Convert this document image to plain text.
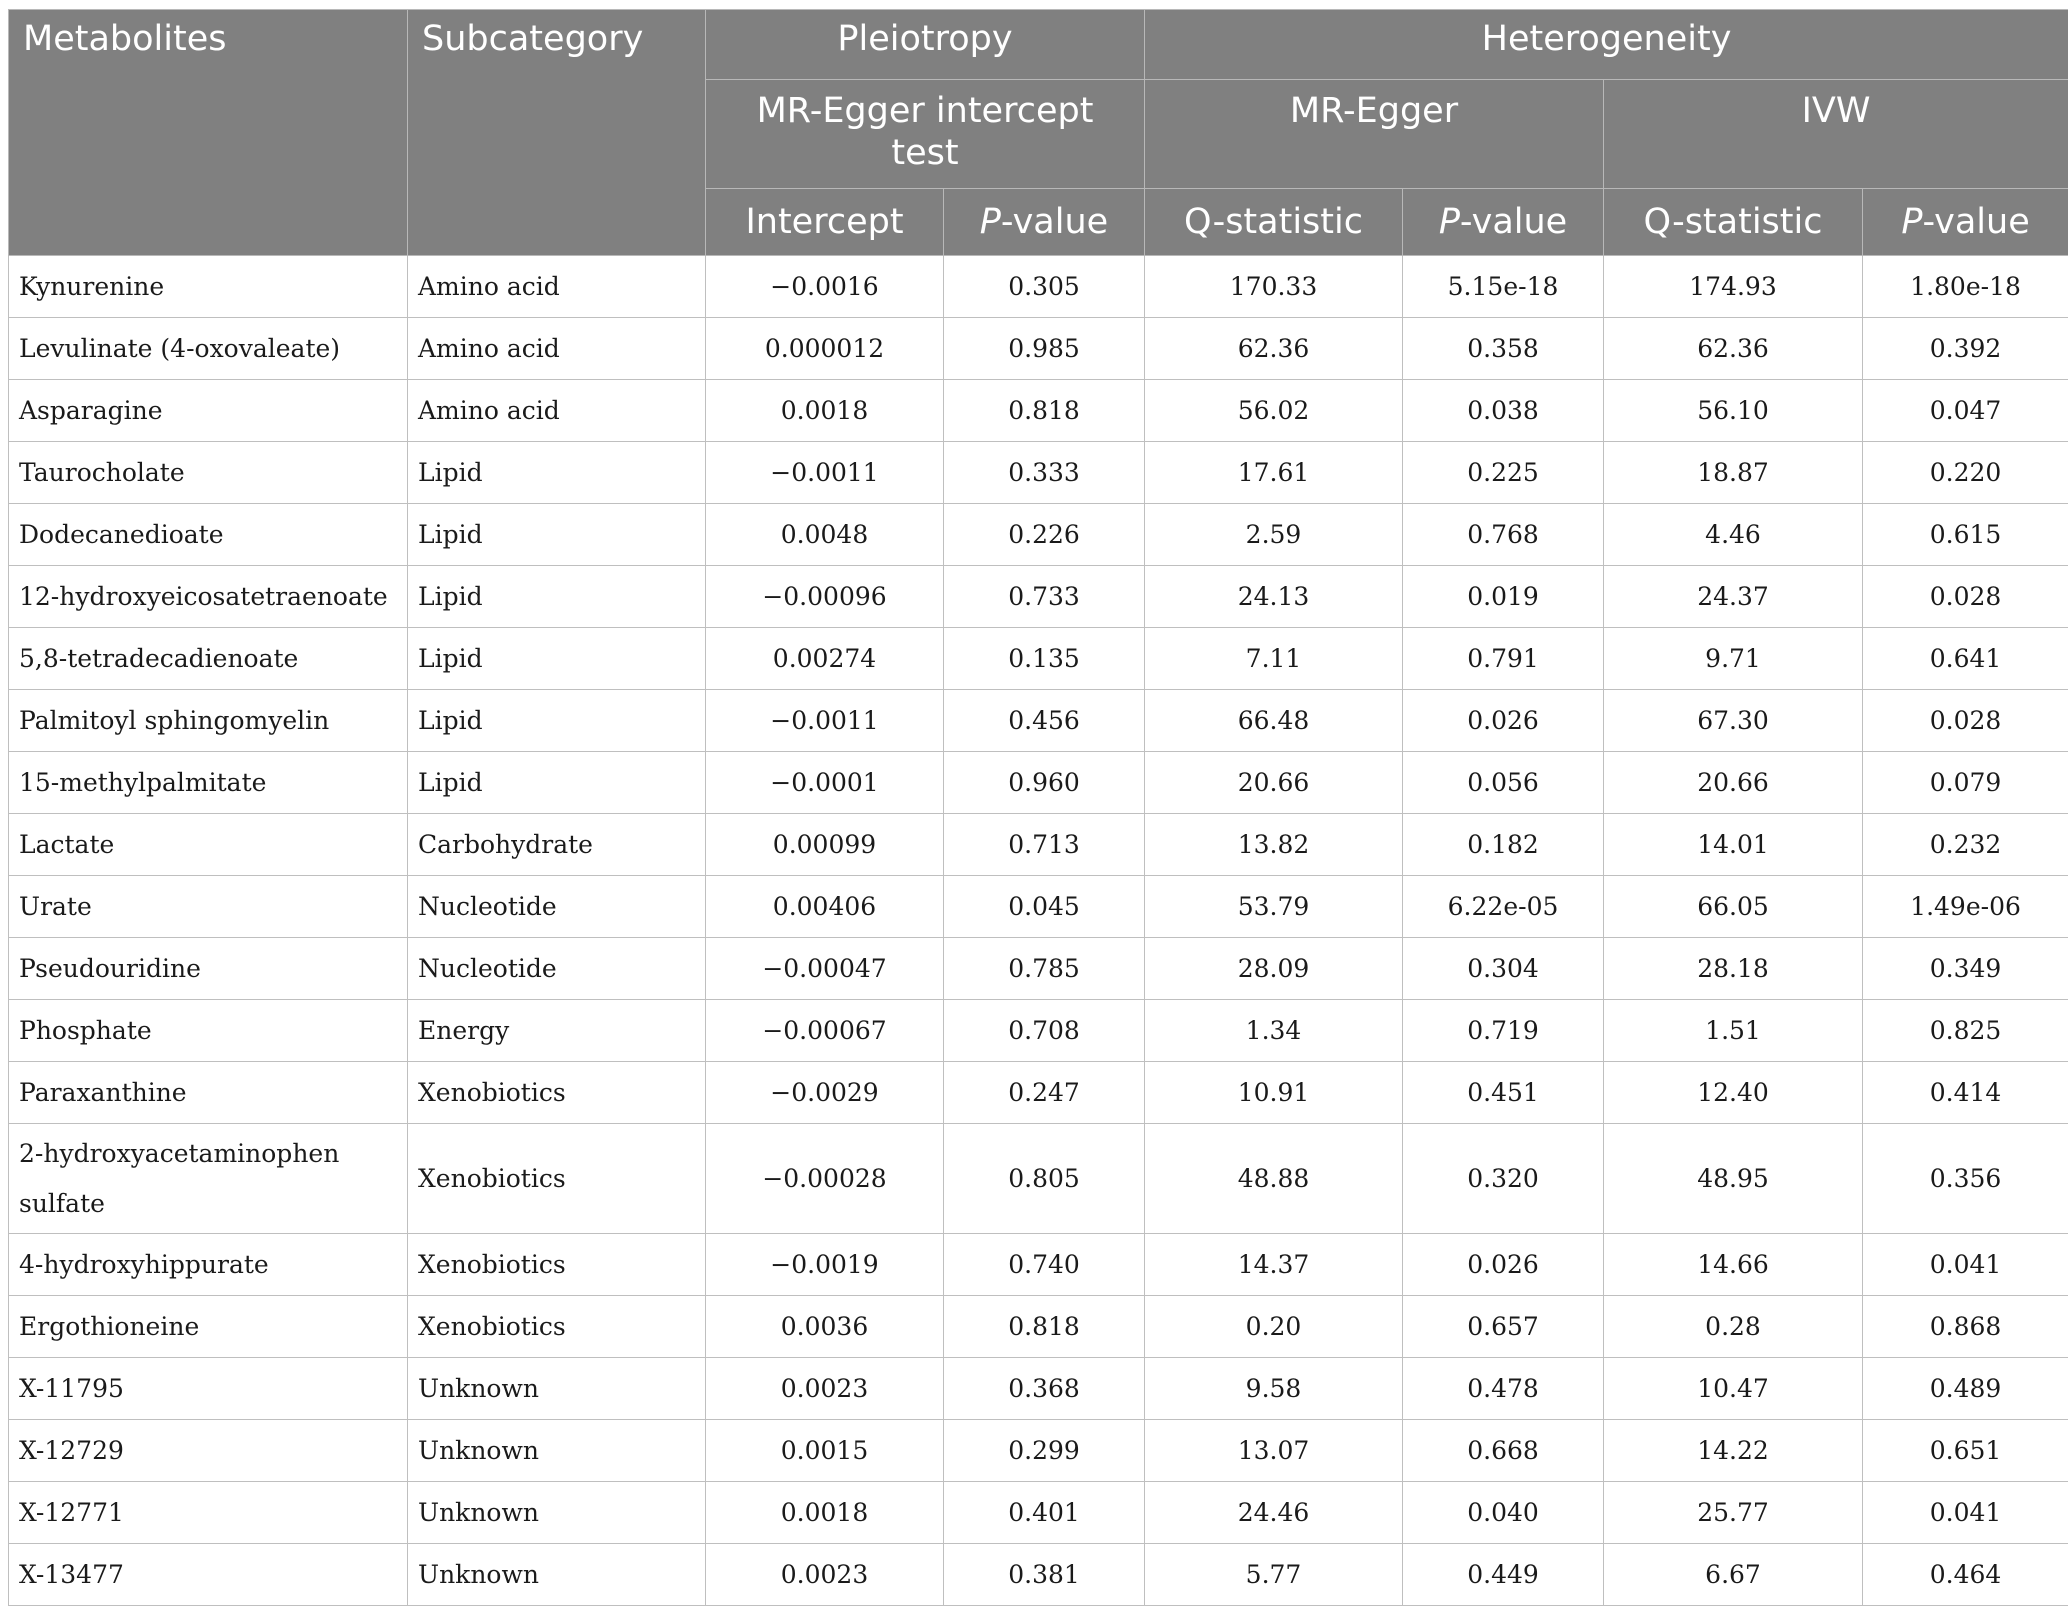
Metabolites	Subcategory	Pleiotropy		Heterogeneity			
		MR-Egger intercept test		MR-Egger		IVW	
		Intercept	P-value	Q-statistic	P-value	Q-statistic	P-value
Kynurenine	Amino acid	−0.0016	0.305	170.33	5.15e-18	174.93	1.80e-18
Levulinate (4-oxovaleate)	Amino acid	0.000012	0.985	62.36	0.358	62.36	0.392
Asparagine	Amino acid	0.0018	0.818	56.02	0.038	56.10	0.047
Taurocholate	Lipid	−0.0011	0.333	17.61	0.225	18.87	0.220
Dodecanedioate	Lipid	0.0048	0.226	2.59	0.768	4.46	0.615
12-hydroxyeicosatetraenoate	Lipid	−0.00096	0.733	24.13	0.019	24.37	0.028
5,8-tetradecadienoate	Lipid	0.00274	0.135	7.11	0.791	9.71	0.641
Palmitoyl sphingomyelin	Lipid	−0.0011	0.456	66.48	0.026	67.30	0.028
15-methylpalmitate	Lipid	−0.0001	0.960	20.66	0.056	20.66	0.079
Lactate	Carbohydrate	0.00099	0.713	13.82	0.182	14.01	0.232
Urate	Nucleotide	0.00406	0.045	53.79	6.22e-05	66.05	1.49e-06
Pseudouridine	Nucleotide	−0.00047	0.785	28.09	0.304	28.18	0.349
Phosphate	Energy	−0.00067	0.708	1.34	0.719	1.51	0.825
Paraxanthine	Xenobiotics	−0.0029	0.247	10.91	0.451	12.40	0.414
2-hydroxyacetaminophen sulfate	Xenobiotics	−0.00028	0.805	48.88	0.320	48.95	0.356
4-hydroxyhippurate	Xenobiotics	−0.0019	0.740	14.37	0.026	14.66	0.041
Ergothioneine	Xenobiotics	0.0036	0.818	0.20	0.657	0.28	0.868
X-11795	Unknown	0.0023	0.368	9.58	0.478	10.47	0.489
X-12729	Unknown	0.0015	0.299	13.07	0.668	14.22	0.651
X-12771	Unknown	0.0018	0.401	24.46	0.040	25.77	0.041
X-13477	Unknown	0.0023	0.381	5.77	0.449	6.67	0.464
